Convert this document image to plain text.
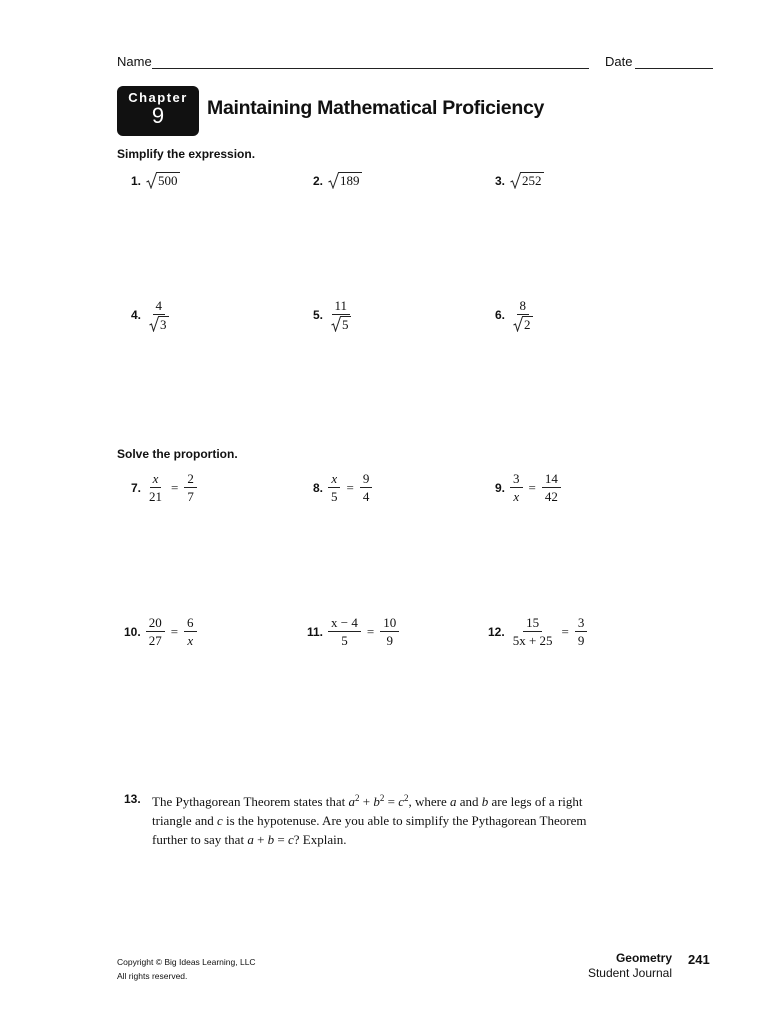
Name	Date
Chapter
9	Maintaining Mathematical Proficiency
Simplify the expression.
1. 500	2. 189	3. 252
4. $\frac{4}{3}$	5. $\frac{11}{5}$	6. $\frac{8}{2}$
Solve the proportion.
7. $\frac{x}{21} = \frac{2}{7}$	8. $\frac{x}{5} = \frac{9}{4}$	9. $\frac{3}{x} = \frac{14}{42}$
10. $\frac{20}{27} = \frac{6}{x}$	11. $\frac{x - 4}{5} = \frac{10}{9}$	12. $\frac{15}{5x + 25} = \frac{3}{9}$
13. The Pythagorean Theorem states that $a^2 + b^2 = c^2$, where a and b are legs of a right triangle and c is the hypotenuse. Are you able to simplify the Pythagorean Theorem further to say that a + b = c? Explain.
Copyright © Big Ideas Learning, LLC
All rights reserved.
Geometry
Student Journal
241
